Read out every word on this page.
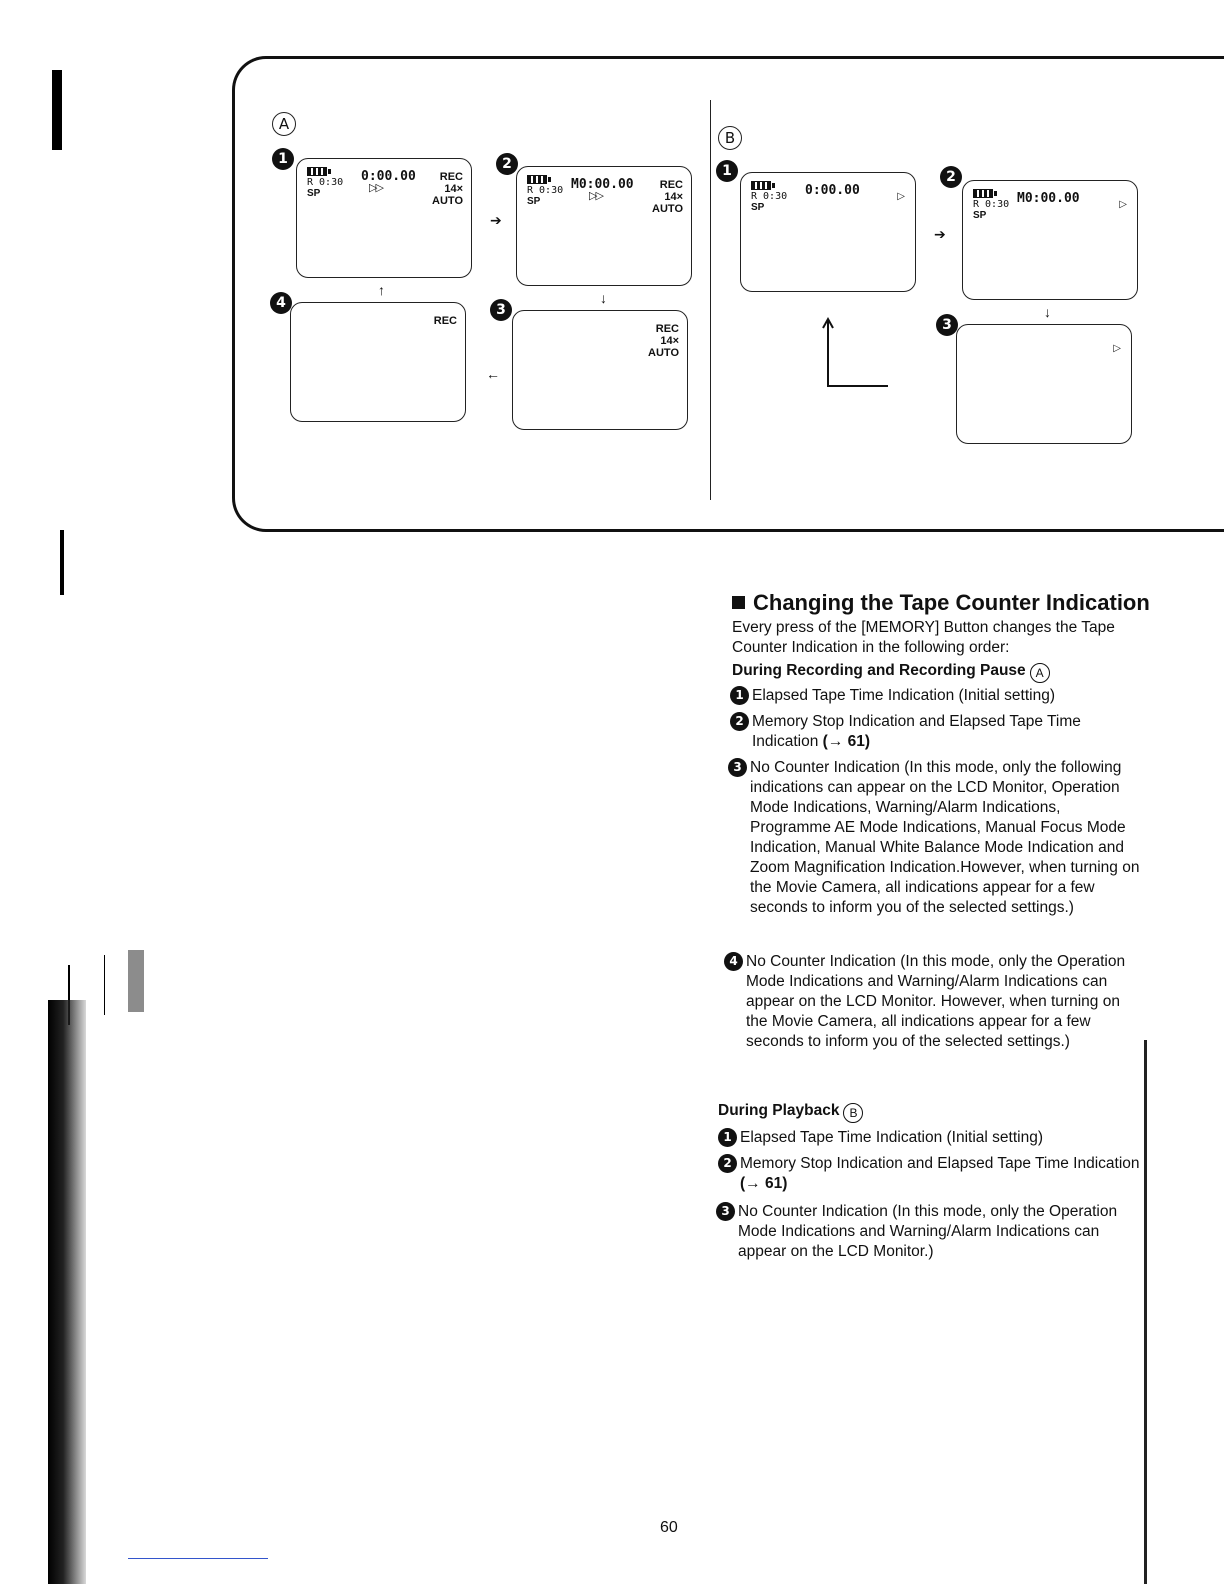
A
B
1
R 0:30
SP
0:00.00
▷▷
REC
14×
AUTO
2
R 0:30
SP
M0:00.00
▷▷
REC
14×
AUTO
4
REC
3
REC
14×
AUTO
➔
↓
←
↑
1
R 0:30
SP
0:00.00	▷
2
R 0:30
SP
M0:00.00	▷
3
▷
➔
↓
Changing the Tape Counter Indication
Every press of the [MEMORY] Button changes the Tape Counter Indication in the following order:
During Recording and Recording Pause A
1 Elapsed Tape Time Indication (Initial setting)
2 Memory Stop Indication and Elapsed Tape Time Indication (→ 61)
3 No Counter Indication (In this mode, only the following indications can appear on the LCD Monitor, Operation Mode Indications, Warning/Alarm Indications, Programme AE Mode Indications, Manual Focus Mode Indication, Manual White Balance Mode Indication and Zoom Magnification Indication.However, when turning on the Movie Camera, all indications appear for a few seconds to inform you of the selected settings.)
4 No Counter Indication (In this mode, only the Operation Mode Indications and Warning/Alarm Indications can appear on the LCD Monitor. However, when turning on the Movie Camera, all indications appear for a few seconds to inform you of the selected settings.)
During Playback B
1 Elapsed Tape Time Indication (Initial setting)
2 Memory Stop Indication and Elapsed Tape Time Indication (→ 61)
3 No Counter Indication (In this mode, only the Operation Mode Indications and Warning/Alarm Indications can appear on the LCD Monitor.)
60
